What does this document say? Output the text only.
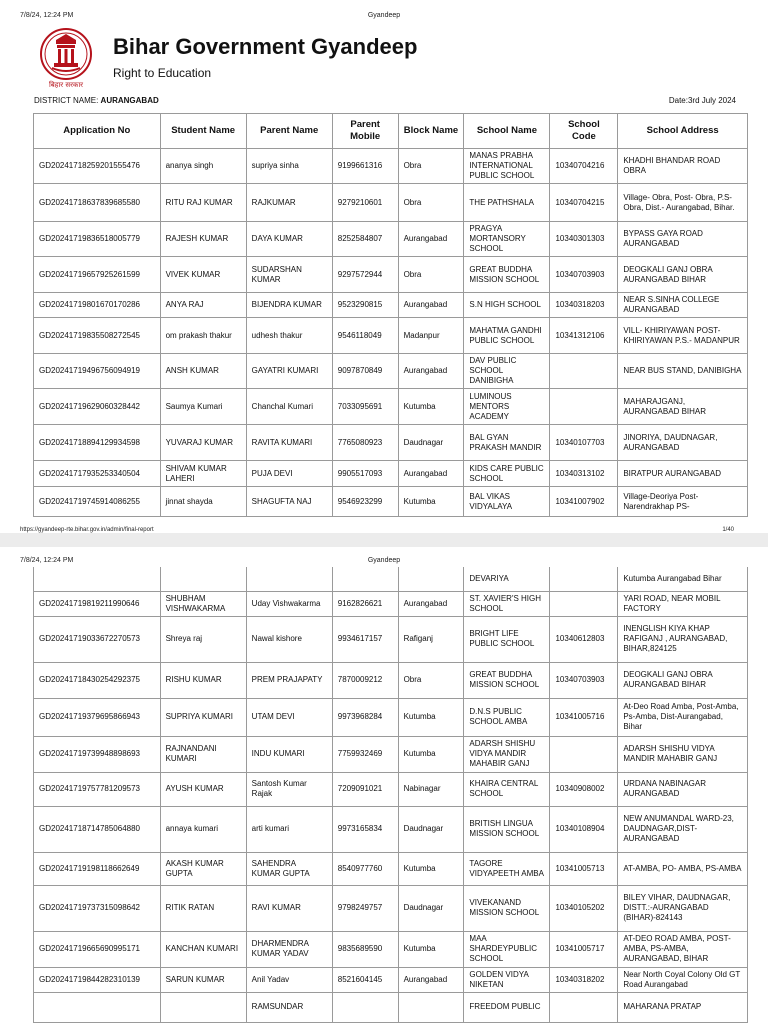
7/8/24, 12:24 PM	Gyandeep
बिहार सरकार
Bihar Government Gyandeep
Right to Education
DISTRICT NAME: AURANGABAD	Date:3rd July 2024
Application No	Student Name	Parent Name	Parent Mobile	Block Name	School Name	School Code	School Address
GD20241718259201555476	ananya singh	supriya sinha	9199661316	Obra	MANAS PRABHA INTERNATIONAL PUBLIC SCHOOL	10340704216	KHADHI BHANDAR ROAD OBRA
GD20241718637839685580	RITU RAJ KUMAR	RAJKUMAR	9279210601	Obra	THE PATHSHALA	10340704215	Village- Obra, Post- Obra, P.S- Obra, Dist.- Aurangabad, Bihar.
GD20241719836518005779	RAJESH KUMAR	DAYA KUMAR	8252584807	Aurangabad	PRAGYA MORTANSORY SCHOOL	10340301303	BYPASS GAYA ROAD AURANGABAD
GD20241719657925261599	VIVEK KUMAR	SUDARSHAN KUMAR	9297572944	Obra	GREAT BUDDHA MISSION SCHOOL	10340703903	DEOGKALI GANJ OBRA AURANGABAD BIHAR
GD20241719801670170286	ANYA RAJ	BIJENDRA KUMAR	9523290815	Aurangabad	S.N HIGH SCHOOL	10340318203	NEAR S.SINHA COLLEGE AURANGABAD
GD20241719835508272545	om prakash thakur	udhesh thakur	9546118049	Madanpur	MAHATMA GANDHI PUBLIC SCHOOL	10341312106	VILL- KHIRIYAWAN POST- KHIRIYAWAN P.S.- MADANPUR
GD20241719496756094919	ANSH KUMAR	GAYATRI KUMARI	9097870849	Aurangabad	DAV PUBLIC SCHOOL DANIBIGHA		NEAR BUS STAND, DANIBIGHA
GD20241719629060328442	Saumya Kumari	Chanchal Kumari	7033095691	Kutumba	LUMINOUS MENTORS ACADEMY		MAHARAJGANJ, AURANGABAD BIHAR
GD20241718894129934598	YUVARAJ KUMAR	RAVITA KUMARI	7765080923	Daudnagar	BAL GYAN PRAKASH MANDIR	10340107703	JINORIYA, DAUDNAGAR, AURANGABAD
GD20241717935253340504	SHIVAM KUMAR LAHERI	PUJA DEVI	9905517093	Aurangabad	KIDS CARE PUBLIC SCHOOL	10340313102	BIRATPUR AURANGABAD
GD20241719745914086255	jinnat shayda	SHAGUFTA NAJ	9546923299	Kutumba	BAL VIKAS VIDYALAYA	10341007902	Village-Deoriya Post-Narendrakhap PS-
https://gyandeep-rte.bihar.gov.in/admin/final-report	1/40
7/8/24, 12:24 PM	Gyandeep
					DEVARIYA		Kutumba Aurangabad Bihar
GD20241719819211990646	SHUBHAM VISHWAKARMA	Uday Vishwakarma	9162826621	Aurangabad	ST. XAVIER'S HIGH SCHOOL		YARI ROAD, NEAR MOBIL FACTORY
GD20241719033672270573	Shreya raj	Nawal kishore	9934617157	Rafiganj	BRIGHT LIFE PUBLIC SCHOOL	10340612803	INENGLISH KIYA KHAP RAFIGANJ , AURANGABAD, BIHAR,824125
GD20241718430254292375	RISHU KUMAR	PREM PRAJAPATY	7870009212	Obra	GREAT BUDDHA MISSION SCHOOL	10340703903	DEOGKALI GANJ OBRA AURANGABAD BIHAR
GD20241719379695866943	SUPRIYA KUMARI	UTAM DEVI	9973968284	Kutumba	D.N.S PUBLIC SCHOOL AMBA	10341005716	At-Deo Road Amba, Post-Amba, Ps-Amba, Dist-Aurangabad, Bihar
GD20241719739948898693	RAJNANDANI KUMARI	INDU KUMARI	7759932469	Kutumba	ADARSH SHISHU VIDYA MANDIR MAHABIR GANJ		ADARSH SHISHU VIDYA MANDIR MAHABIR GANJ
GD20241719757781209573	AYUSH KUMAR	Santosh Kumar Rajak	7209091021	Nabinagar	KHAIRA CENTRAL SCHOOL	10340908002	URDANA NABINAGAR AURANGABAD
GD20241718714785064880	annaya kumari	arti kumari	9973165834	Daudnagar	BRITISH LINGUA MISSION SCHOOL	10340108904	NEW ANUMANDAL WARD-23, DAUDNAGAR,DIST-AURANGABAD
GD20241719198118662649	AKASH KUMAR GUPTA	SAHENDRA KUMAR GUPTA	8540977760	Kutumba	TAGORE VIDYAPEETH AMBA	10341005713	AT-AMBA, PO- AMBA, PS-AMBA
GD20241719737315098642	RITIK RATAN	RAVI KUMAR	9798249757	Daudnagar	VIVEKANAND MISSION SCHOOL	10340105202	BILEY VIHAR, DAUDNAGAR, DISTT.:-AURANGABAD (BIHAR)-824143
GD20241719665690995171	KANCHAN KUMARI	DHARMENDRA KUMAR YADAV	9835689590	Kutumba	MAA SHARDEYPUBLIC SCHOOL	10341005717	AT-DEO ROAD AMBA, POST-AMBA, PS-AMBA, AURANGABAD, BIHAR
GD20241719844282310139	SARUN KUMAR	Anil Yadav	8521604145	Aurangabad	GOLDEN VIDYA NIKETAN	10340318202	Near North Coyal Colony Old GT Road Aurangabad
		RAMSUNDAR			FREEDOM PUBLIC		MAHARANA PRATAP
